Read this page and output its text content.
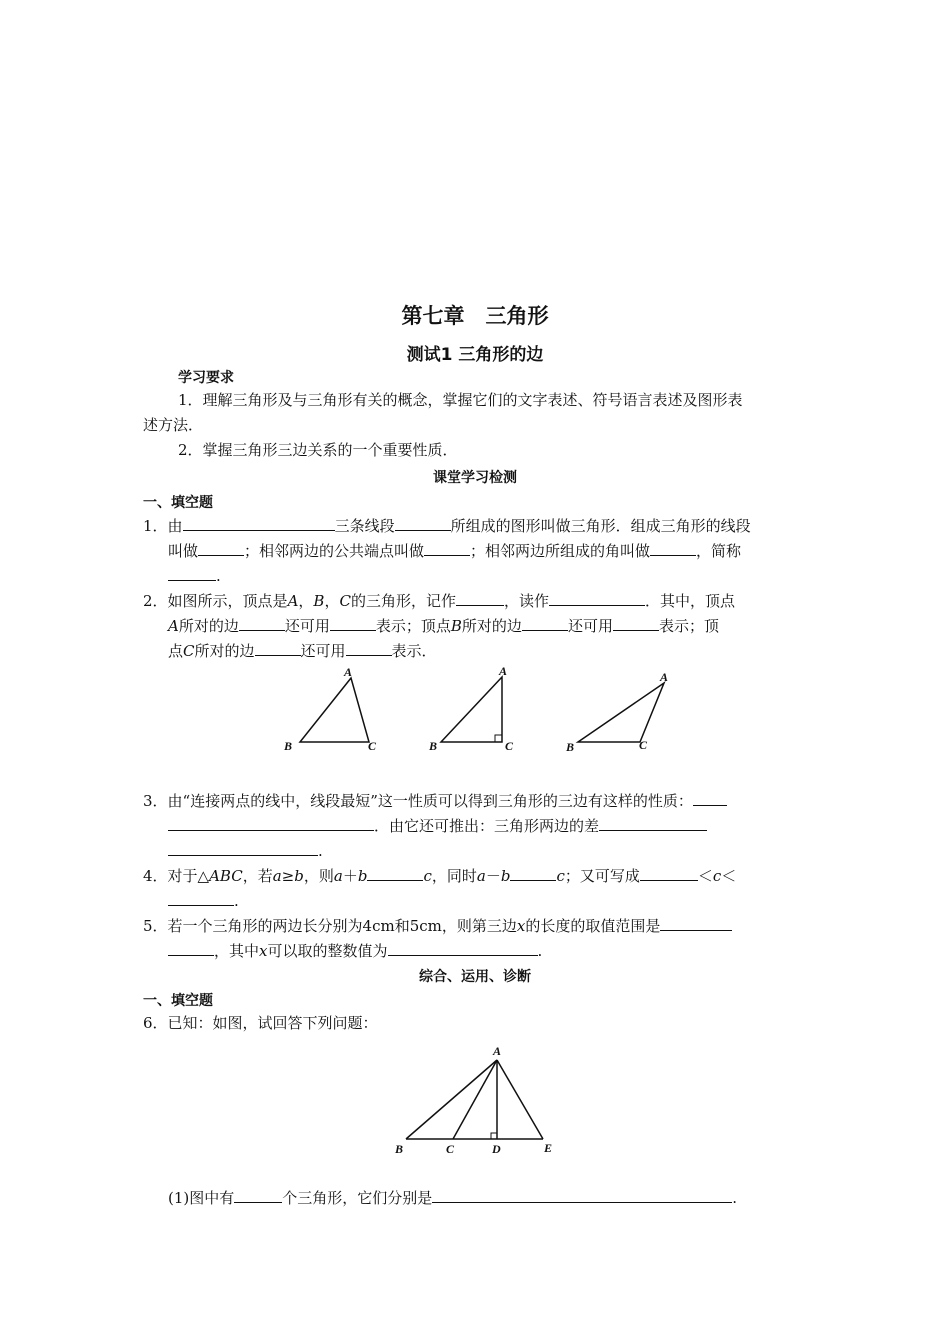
第七章　三角形
测试1 三角形的边
学习要求
1．理解三角形及与三角形有关的概念，掌握它们的文字表述、符号语言表述及图形表
述方法．
2．掌握三角形三边关系的一个重要性质．
课堂学习检测
一、填空题
1．由	三条线段	所组成的图形叫做三角形．组成三角形的线段
叫做	；相邻两边的公共端点叫做	；相邻两边所组成的角叫做	，简称
.
2．如图所示，顶点是A，B，C的三角形，记作	，读作	．其中，顶点
A所对的边	还可用	表示；顶点B所对的边	还可用	表示；顶
点C所对的边	还可用	表示．
A
B	C
A
B	C
A
B	C
3．由“连接两点的线中，线段最短”这一性质可以得到三角形的三边有这样的性质：
．由它还可推出：三角形两边的差
.
4．对于△ABC，若a≥b，则a＋b	c，同时a－b	c；又可写成	＜c＜
.
5．若一个三角形的两边长分别为4cm和5cm，则第三边x的长度的取值范围是
，其中x可以取的整数值为	.
综合、运用、诊断
一、填空题
6．已知：如图，试回答下列问题：
A
B	C	D	E
(1)图中有	个三角形，它们分别是	.
